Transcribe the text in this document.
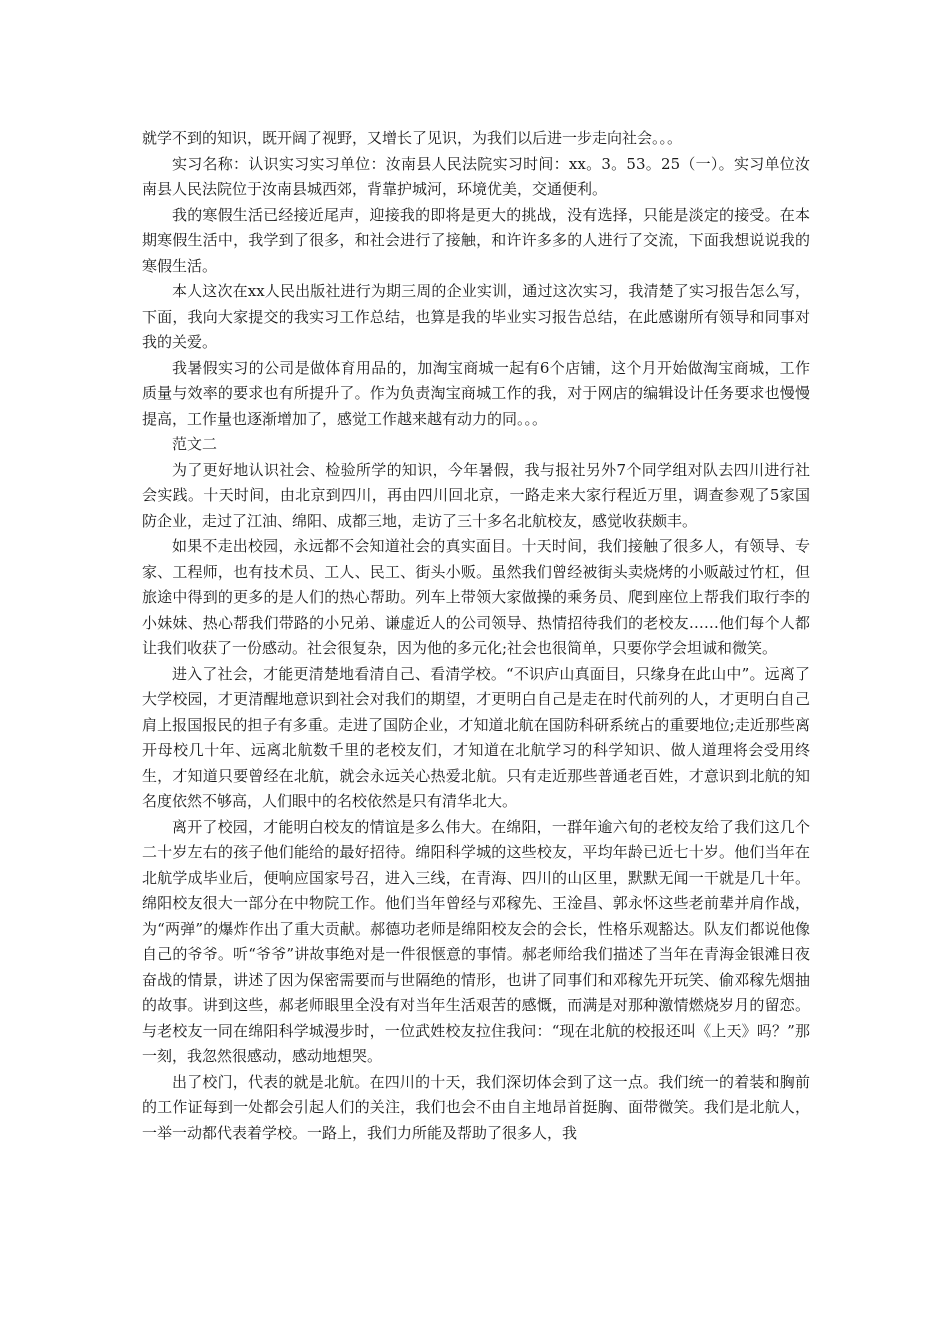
就学不到的知识，既开阔了视野，又增长了见识，为我们以后进一步走向社会。。。

实习名称：认识实习实习单位：汝南县人民法院实习时间：xx。3。53。25（一）。实习单位汝南县人民法院位于汝南县城西郊，背靠护城河，环境优美，交通便利。

我的寒假生活已经接近尾声，迎接我的即将是更大的挑战，没有选择，只能是淡定的接受。在本期寒假生活中，我学到了很多，和社会进行了接触，和许许多多的人进行了交流，下面我想说说我的寒假生活。

本人这次在xx人民出版社进行为期三周的企业实训，通过这次实习，我清楚了实习报告怎么写，下面，我向大家提交的我实习工作总结，也算是我的毕业实习报告总结，在此感谢所有领导和同事对我的关爱。

我暑假实习的公司是做体育用品的，加淘宝商城一起有6个店铺，这个月开始做淘宝商城，工作质量与效率的要求也有所提升了。作为负责淘宝商城工作的我，对于网店的编辑设计任务要求也慢慢提高，工作量也逐渐增加了，感觉工作越来越有动力的同。。。

范文二

为了更好地认识社会、检验所学的知识，今年暑假，我与报社另外7个同学组对队去四川进行社会实践。十天时间，由北京到四川，再由四川回北京，一路走来大家行程近万里，调查参观了5家国防企业，走过了江油、绵阳、成都三地，走访了三十多名北航校友，感觉收获颇丰。

如果不走出校园，永远都不会知道社会的真实面目。十天时间，我们接触了很多人，有领导、专家、工程师，也有技术员、工人、民工、街头小贩。虽然我们曾经被街头卖烧烤的小贩敲过竹杠，但旅途中得到的更多的是人们的热心帮助。列车上带领大家做操的乘务员、爬到座位上帮我们取行李的小妹妹、热心帮我们带路的小兄弟、谦虚近人的公司领导、热情招待我们的老校友……他们每个人都让我们收获了一份感动。社会很复杂，因为他的多元化;社会也很简单，只要你学会坦诚和微笑。

进入了社会，才能更清楚地看清自己、看清学校。“不识庐山真面目，只缘身在此山中”。远离了大学校园，才更清醒地意识到社会对我们的期望，才更明白自己是走在时代前列的人，才更明白自己肩上报国报民的担子有多重。走进了国防企业，才知道北航在国防科研系统占的重要地位;走近那些离开母校几十年、远离北航数千里的老校友们，才知道在北航学习的科学知识、做人道理将会受用终生，才知道只要曾经在北航，就会永远关心热爱北航。只有走近那些普通老百姓，才意识到北航的知名度依然不够高，人们眼中的名校依然是只有清华北大。

离开了校园，才能明白校友的情谊是多么伟大。在绵阳，一群年逾六旬的老校友给了我们这几个二十岁左右的孩子他们能给的最好招待。绵阳科学城的这些校友，平均年龄已近七十岁。他们当年在北航学成毕业后，便响应国家号召，进入三线，在青海、四川的山区里，默默无闻一干就是几十年。绵阳校友很大一部分在中物院工作。他们当年曾经与邓稼先、王淦昌、郭永怀这些老前辈并肩作战，为“两弹”的爆炸作出了重大贡献。郝德功老师是绵阳校友会的会长，性格乐观豁达。队友们都说他像自己的爷爷。听“爷爷”讲故事绝对是一件很惬意的事情。郝老师给我们描述了当年在青海金银滩日夜奋战的情景，讲述了因为保密需要而与世隔绝的情形，也讲了同事们和邓稼先开玩笑、偷邓稼先烟抽的故事。讲到这些，郝老师眼里全没有对当年生活艰苦的感慨，而满是对那种激情燃烧岁月的留恋。与老校友一同在绵阳科学城漫步时，一位武姓校友拉住我问：“现在北航的校报还叫《上天》吗？”那一刻，我忽然很感动，感动地想哭。

出了校门，代表的就是北航。在四川的十天，我们深切体会到了这一点。我们统一的着装和胸前的工作证每到一处都会引起人们的关注，我们也会不由自主地昂首挺胸、面带微笑。我们是北航人，一举一动都代表着学校。一路上，我们力所能及帮助了很多人，我
